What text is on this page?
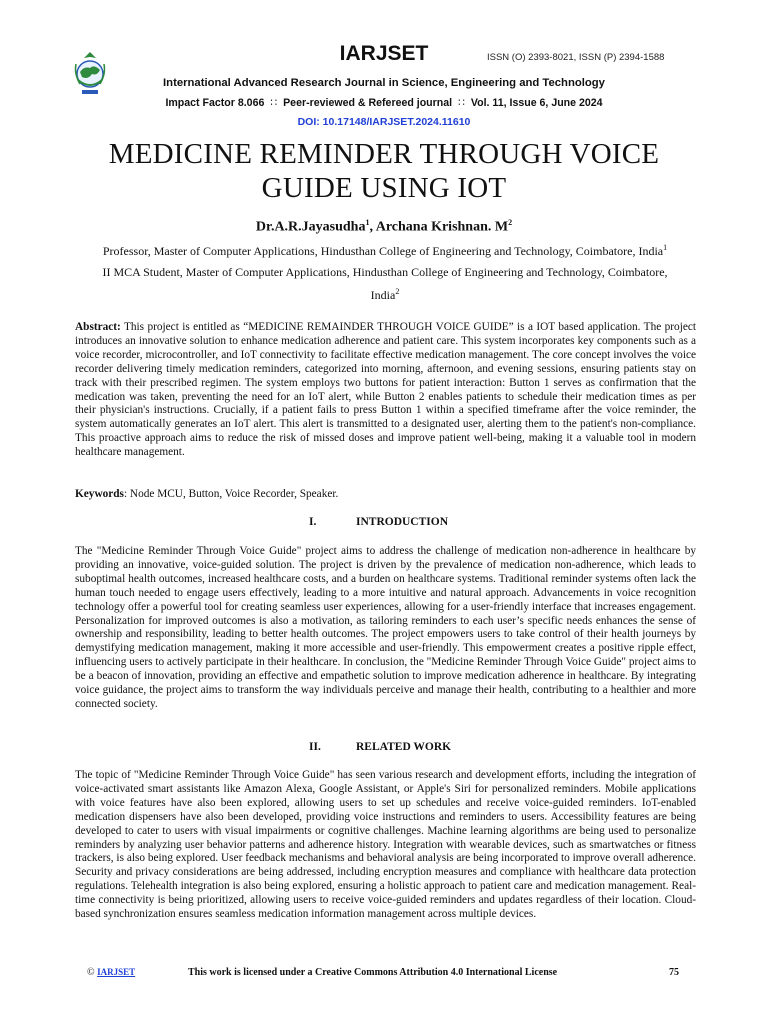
IARJSET	ISSN (O) 2393-8021, ISSN (P) 2394-1588
International Advanced Research Journal in Science, Engineering and Technology
Impact Factor 8.066 ∷ Peer-reviewed & Refereed journal ∷ Vol. 11, Issue 6, June 2024
DOI: 10.17148/IARJSET.2024.11610
MEDICINE REMINDER THROUGH VOICE
GUIDE USING IOT
Dr.A.R.Jayasudha$^1$, Archana Krishnan. $M^2$
Professor, Master of Computer Applications, Hindusthan College of Engineering and Technology, Coimbatore, India$^1$
II MCA Student, Master of Computer Applications, Hindusthan College of Engineering and Technology, Coimbatore,
India$^2$

Abstract: This project is entitled as “MEDICINE REMAINDER THROUGH VOICE GUIDE” is a IOT based application. The project introduces an innovative solution to enhance medication adherence and patient care. This system incorporates key components such as a voice recorder, microcontroller, and IoT connectivity to facilitate effective medication management. The core concept involves the voice recorder delivering timely medication reminders, categorized into morning, afternoon, and evening sessions, ensuring patients stay on track with their prescribed regimen. The system employs two buttons for patient interaction: Button 1 serves as confirmation that the medication was taken, preventing the need for an IoT alert, while Button 2 enables patients to schedule their medication times as per their physician's instructions. Crucially, if a patient fails to press Button 1 within a specified timeframe after the voice reminder, the system automatically generates an IoT alert. This alert is transmitted to a designated user, alerting them to the patient's non-compliance. This proactive approach aims to reduce the risk of missed doses and improve patient well-being, making it a valuable tool in modern healthcare management.

Keywords: Node MCU, Button, Voice Recorder, Speaker.

I.	INTRODUCTION

The "Medicine Reminder Through Voice Guide" project aims to address the challenge of medication non-adherence in healthcare by providing an innovative, voice-guided solution. The project is driven by the prevalence of medication non-adherence, which leads to suboptimal health outcomes, increased healthcare costs, and a burden on healthcare systems. Traditional reminder systems often lack the human touch needed to engage users effectively, leading to a more intuitive and natural approach. Advancements in voice recognition technology offer a powerful tool for creating seamless user experiences, allowing for a user-friendly interface that increases engagement. Personalization for improved outcomes is also a motivation, as tailoring reminders to each user’s specific needs enhances the sense of ownership and responsibility, leading to better health outcomes. The project empowers users to take control of their health journeys by demystifying medication management, making it more accessible and user-friendly. This empowerment creates a positive ripple effect, influencing users to actively participate in their healthcare. In conclusion, the "Medicine Reminder Through Voice Guide" project aims to be a beacon of innovation, providing an effective and empathetic solution to improve medication adherence in healthcare. By integrating voice guidance, the project aims to transform the way individuals perceive and manage their health, contributing to a healthier and more connected society.

II.	RELATED WORK

The topic of "Medicine Reminder Through Voice Guide" has seen various research and development efforts, including the integration of voice-activated smart assistants like Amazon Alexa, Google Assistant, or Apple's Siri for personalized reminders. Mobile applications with voice features have also been explored, allowing users to set up schedules and receive voice-guided reminders. IoT-enabled medication dispensers have also been developed, providing voice instructions and reminders to users. Accessibility features are being developed to cater to users with visual impairments or cognitive challenges. Machine learning algorithms are being used to personalize reminders by analyzing user behavior patterns and adherence history. Integration with wearable devices, such as smartwatches or fitness trackers, is also being explored. User feedback mechanisms and behavioral analysis are being incorporated to improve overall adherence. Security and privacy considerations are being addressed, including encryption measures and compliance with healthcare data protection regulations. Telehealth integration is also being explored, ensuring a holistic approach to patient care and medication management. Real-time connectivity is being prioritized, allowing users to receive voice-guided reminders and updates regardless of their location. Cloud-based synchronization ensures seamless medication information management across multiple devices.

© IARJSET	This work is licensed under a Creative Commons Attribution 4.0 International License	75
